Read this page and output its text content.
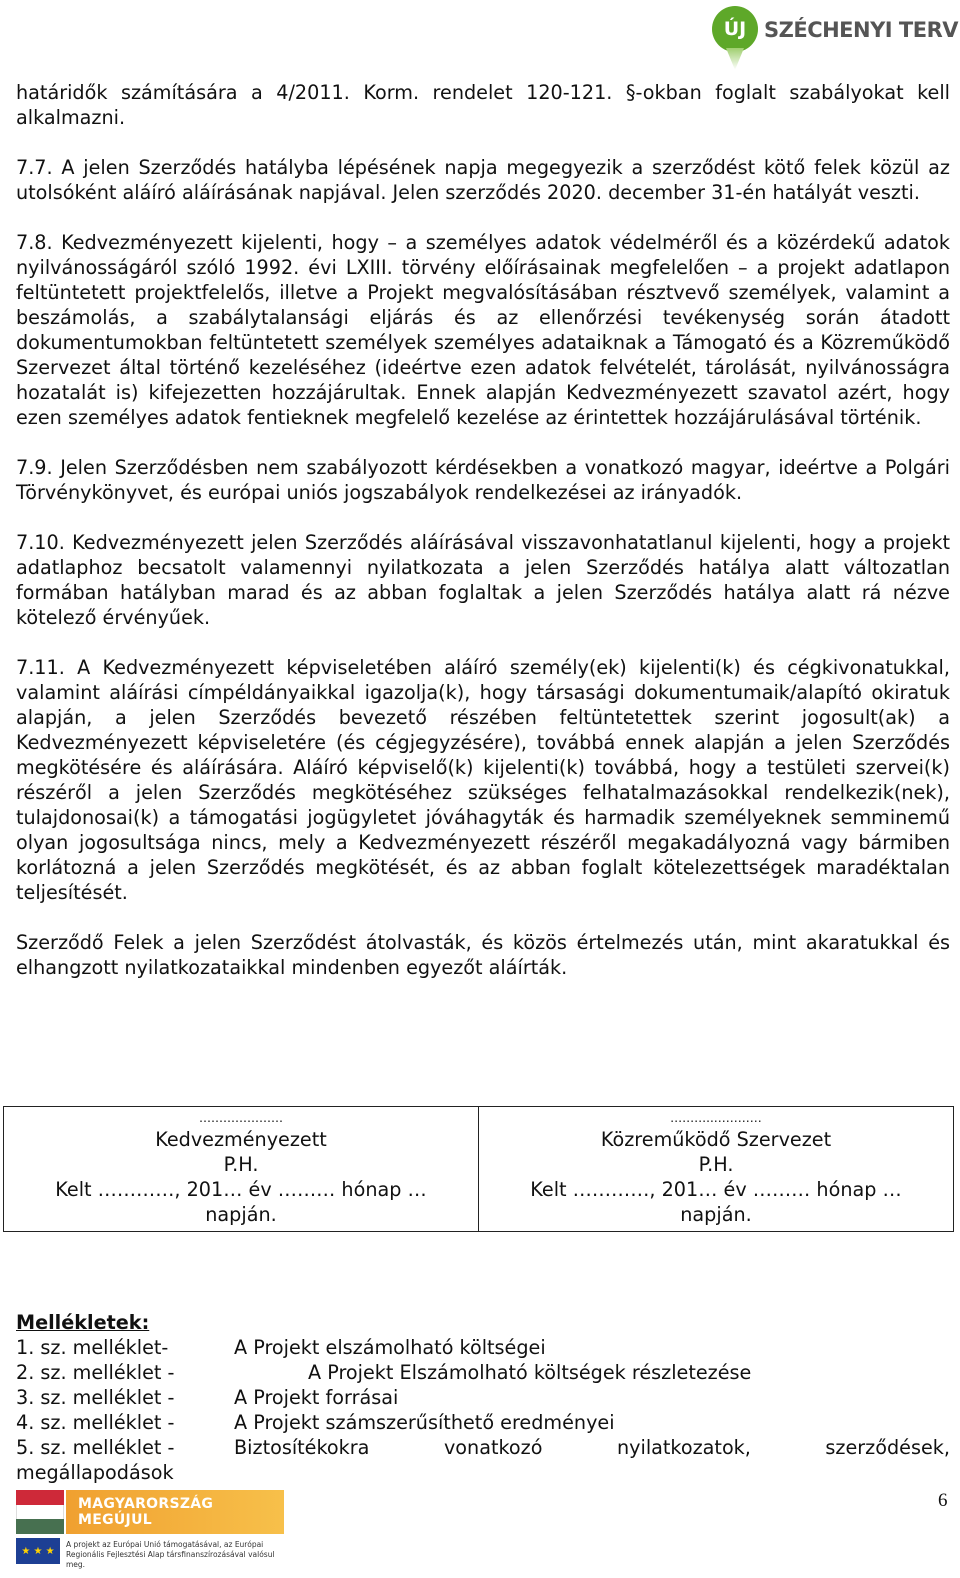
ÚJ SZÉCHENYI TERV

határidők számítására a 4/2011. Korm. rendelet 120-121. §-okban foglalt szabályokat kell alkalmazni.

7.7. A jelen Szerződés hatályba lépésének napja megegyezik a szerződést kötő felek közül az utolsóként aláíró aláírásának napjával. Jelen szerződés 2020. december 31-én hatályát veszti.

7.8. Kedvezményezett kijelenti, hogy – a személyes adatok védelméről és a közérdekű adatok nyilvánosságáról szóló 1992. évi LXIII. törvény előírásainak megfelelően – a projekt adatlapon feltüntetett projektfelelős, illetve a Projekt megvalósításában résztvevő személyek, valamint a beszámolás, a szabálytalansági eljárás és az ellenőrzési tevékenység során átadott dokumentumokban feltüntetett személyek személyes adataiknak a Támogató és a Közreműködő Szervezet által történő kezeléséhez (ideértve ezen adatok felvételét, tárolását, nyilvánosságra hozatalát is) kifejezetten hozzájárultak. Ennek alapján Kedvezményezett szavatol azért, hogy ezen személyes adatok fentieknek megfelelő kezelése az érintettek hozzájárulásával történik.

7.9. Jelen Szerződésben nem szabályozott kérdésekben a vonatkozó magyar, ideértve a Polgári Törvénykönyvet, és európai uniós jogszabályok rendelkezései az irányadók.

7.10. Kedvezményezett jelen Szerződés aláírásával visszavonhatatlanul kijelenti, hogy a projekt adatlaphoz becsatolt valamennyi nyilatkozata a jelen Szerződés hatálya alatt változatlan formában hatályban marad és az abban foglaltak a jelen Szerződés hatálya alatt rá nézve kötelező érvényűek.

7.11. A Kedvezményezett képviseletében aláíró személy(ek) kijelenti(k) és cégkivonatukkal, valamint aláírási címpéldányaikkal igazolja(k), hogy társasági dokumentumaik/alapító okiratuk alapján, a jelen Szerződés bevezető részében feltüntetettek szerint jogosult(ak) a Kedvezményezett képviseletére (és cégjegyzésére), továbbá ennek alapján a jelen Szerződés megkötésére és aláírására. Aláíró képviselő(k) kijelenti(k) továbbá, hogy a testületi szervei(k) részéről a jelen Szerződés megkötéséhez szükséges felhatalmazásokkal rendelkezik(nek), tulajdonosai(k) a támogatási jogügyletet jóváhagyták és harmadik személyeknek semminemű olyan jogosultsága nincs, mely a Kedvezményezett részéről megakadályozná vagy bármiben korlátozná a jelen Szerződés megkötését, és az abban foglalt kötelezettségek maradéktalan teljesítését.

Szerződő Felek a jelen Szerződést átolvasták, és közös értelmezés után, mint akaratukkal és elhangzott nyilatkozataikkal mindenben egyezőt aláírták.

…………………
Kedvezményezett
P.H.
Kelt …………, 201… év ……… hónap …
napján.

………..…………
Közreműködő Szervezet
P.H.
Kelt …………, 201… év ……… hónap …
napján.
Mellékletek:
1. sz. melléklet-	A Projekt elszámolható költségei
2. sz. melléklet -	A Projekt Elszámolható költségek részletezése
3. sz. melléklet -	A Projekt forrásai
4. sz. melléklet -	A Projekt számszerűsíthető eredményei
5. sz. melléklet -	Biztosítékokra	vonatkozó	nyilatkozatok,	szerződések,
megállapodások
MAGYARORSZÁG MEGÚJUL
★ ★ ★
A projekt az Európai Unió támogatásával, az Európai Regionális Fejlesztési Alap társfinanszírozásával valósul meg.
6
